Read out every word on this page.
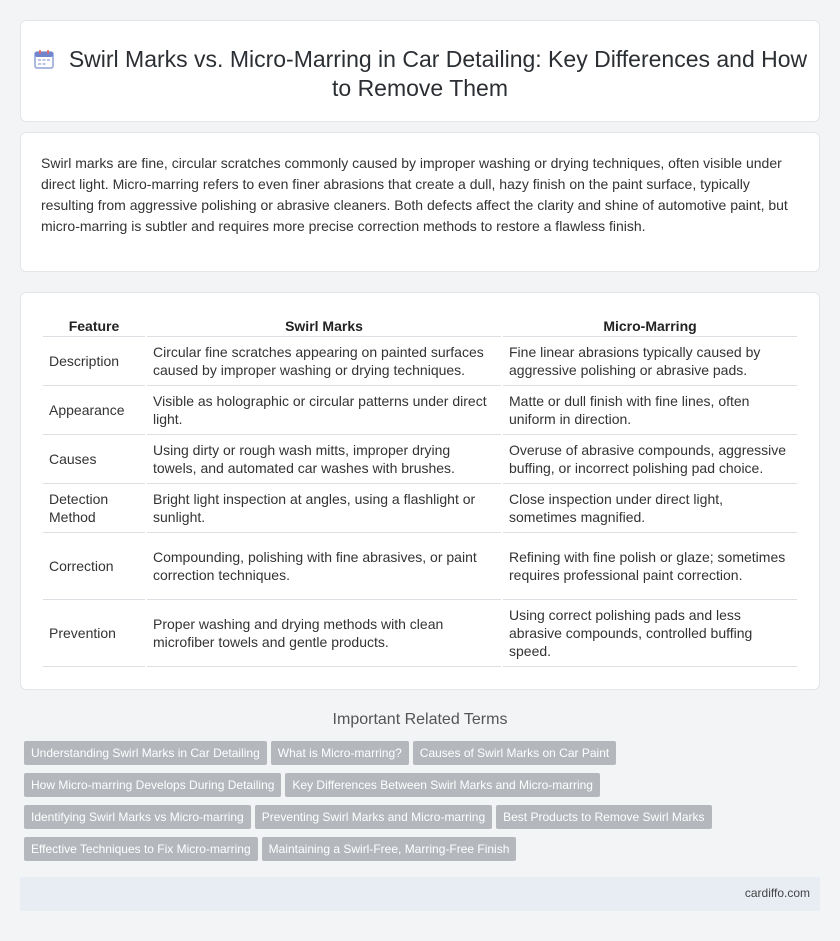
Swirl Marks vs. Micro-Marring in Car Detailing: Key Differences and How to Remove Them

Swirl marks are fine, circular scratches commonly caused by improper washing or drying techniques, often visible under direct light. Micro-marring refers to even finer abrasions that create a dull, hazy finish on the paint surface, typically resulting from aggressive polishing or abrasive cleaners. Both defects affect the clarity and shine of automotive paint, but micro-marring is subtler and requires more precise correction methods to restore a flawless finish.

Feature	Swirl Marks	Micro-Marring
Description	Circular fine scratches appearing on painted surfaces caused by improper washing or drying techniques.	Fine linear abrasions typically caused by aggressive polishing or abrasive pads.
Appearance	Visible as holographic or circular patterns under direct light.	Matte or dull finish with fine lines, often uniform in direction.
Causes	Using dirty or rough wash mitts, improper drying towels, and automated car washes with brushes.	Overuse of abrasive compounds, aggressive buffing, or incorrect polishing pad choice.
Detection Method	Bright light inspection at angles, using a flashlight or sunlight.	Close inspection under direct light, sometimes magnified.
Correction	Compounding, polishing with fine abrasives, or paint correction techniques.	Refining with fine polish or glaze; sometimes requires professional paint correction.
Prevention	Proper washing and drying methods with clean microfiber towels and gentle products.	Using correct polishing pads and less abrasive compounds, controlled buffing speed.
Important Related Terms
Understanding Swirl Marks in Car Detailing What is Micro-marring? Causes of Swirl Marks on Car Paint
How Micro-marring Develops During Detailing Key Differences Between Swirl Marks and Micro-marring
Identifying Swirl Marks vs Micro-marring Preventing Swirl Marks and Micro-marring Best Products to Remove Swirl Marks
Effective Techniques to Fix Micro-marring Maintaining a Swirl-Free, Marring-Free Finish
cardiffo.com
